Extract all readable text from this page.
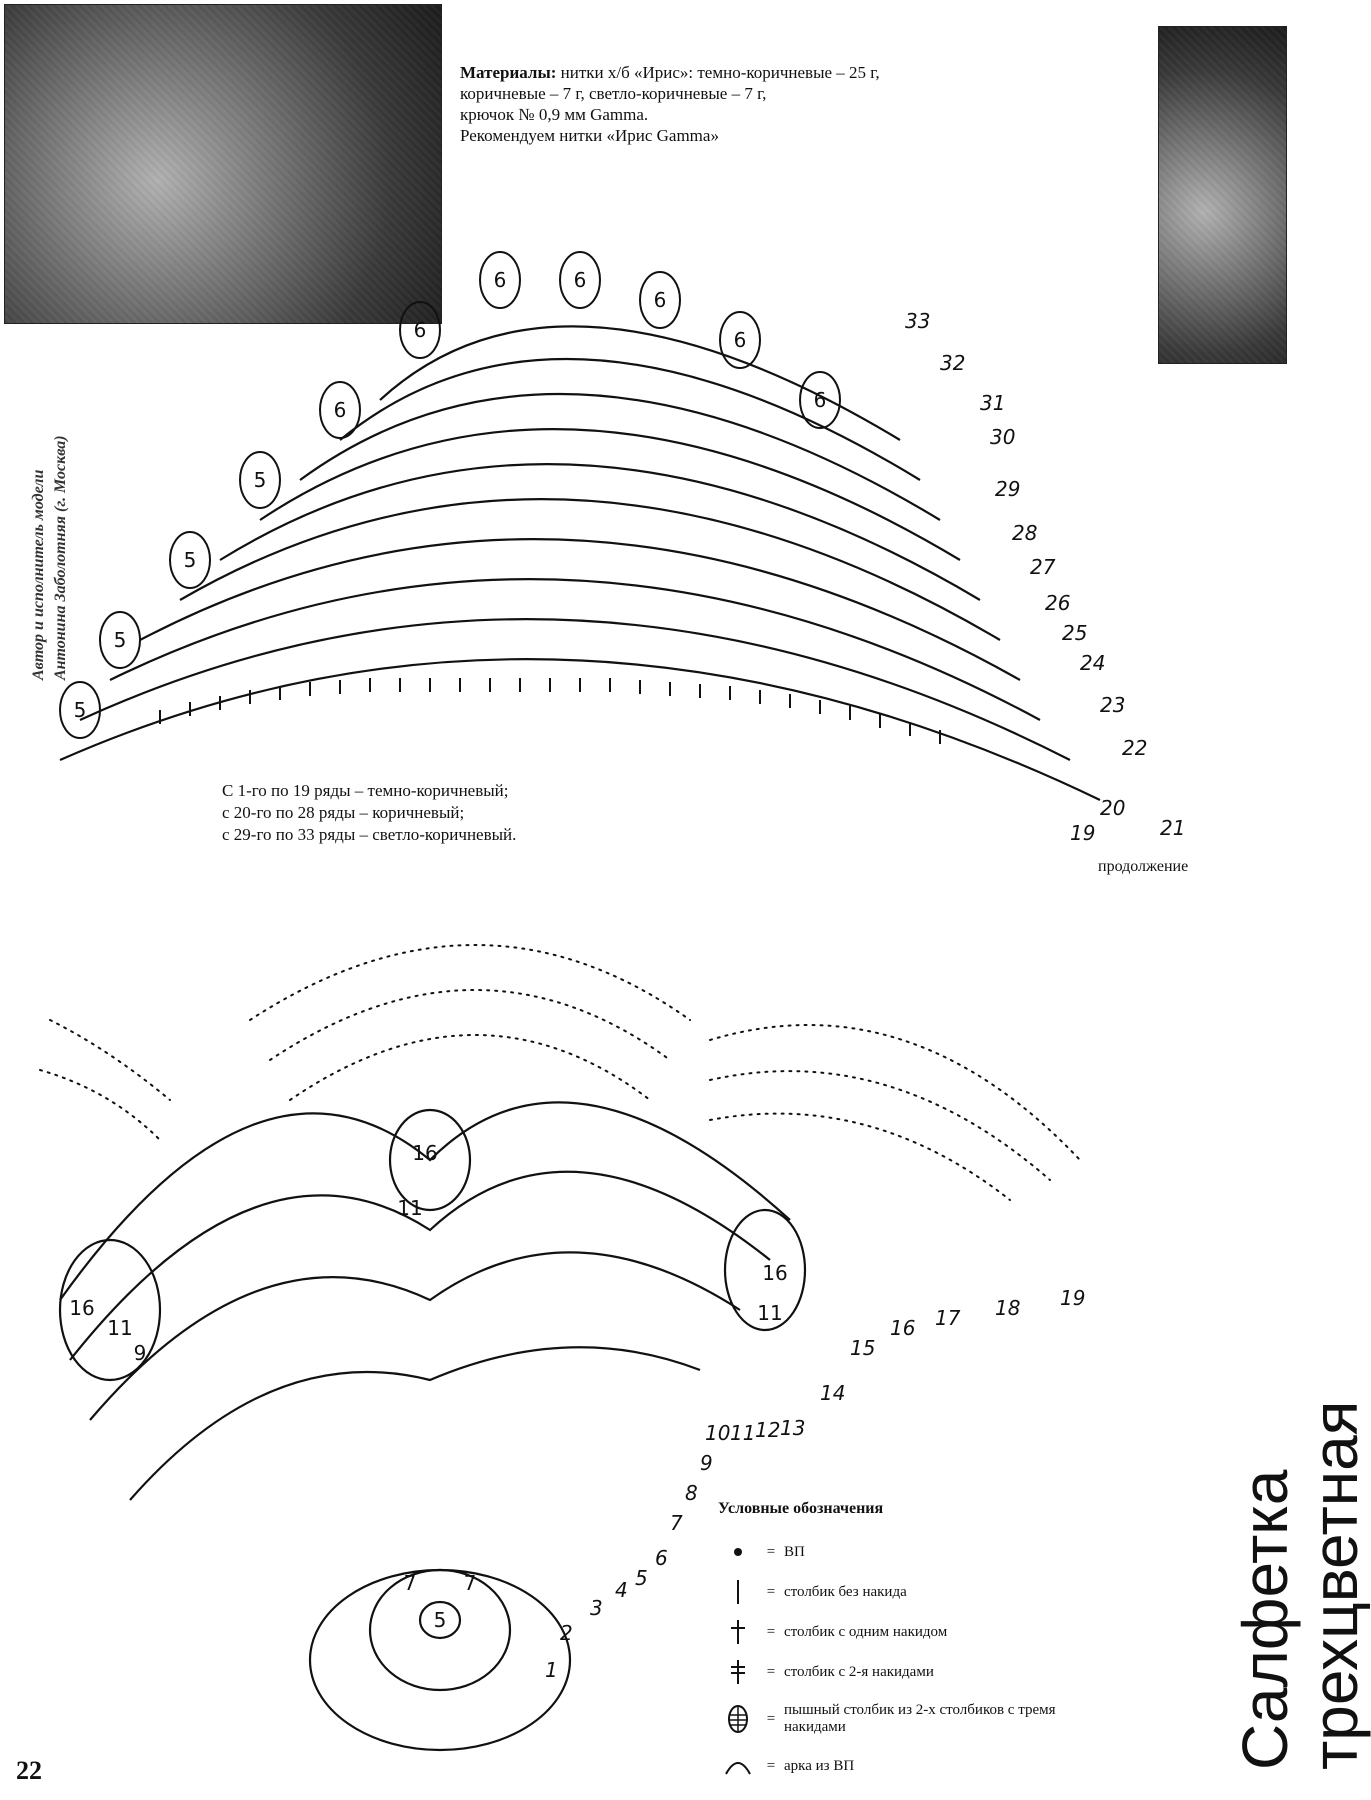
Материалы: нитки х/б «Ирис»: темно-коричневые – 25 г,
коричневые – 7 г, светло-коричневые – 7 г,
крючок № 0,9 мм Gamma.
Рекомендуем нитки «Ирис Gamma»
Автор и исполнитель модели Антонина Заболотняя (г. Москва)
6	6
6
6
5
5
5
5
6
6
6
19
20
21
22
23
24
25
26
27
28
29
30
31
32
33
С 1-го по 19 ряды – темно-коричневый;
с 20-го по 28 ряды – коричневый;
с 29-го по 33 ряды – светло-коричневый.
продолжение
5
7 7
9
11
16
16
11
16
11
1
2
3
4 5
6
7
8
9
10 11 12 13
14
15
16 17 18 19
Условные обозначения
= ВП
= столбик без накида
= столбик с одним накидом
= столбик с 2-я накидами
=
пышный столбик из 2-х столбиков с тремя накидами
= арка из ВП	Салфетка
трехцветная
22
